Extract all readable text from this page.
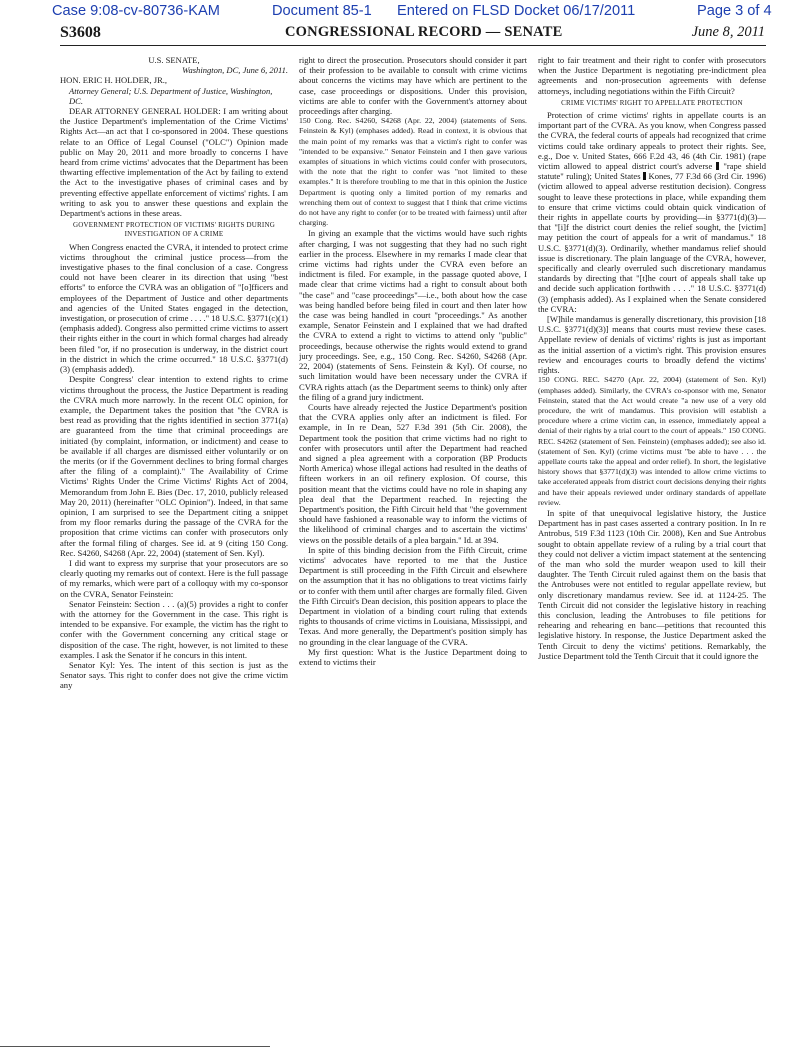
Case 9:08-cv-80736-KAM	Document 85-1 Entered on FLSD Docket 06/17/2011	Page 3 of 4
S3608	CONGRESSIONAL RECORD — SENATE	June 8, 2011

U.S. SENATE,

Washington, DC, June 6, 2011.

HON. ERIC H. HOLDER, JR.,

Attorney General; U.S. Department of Justice, Washington, DC.

DEAR ATTORNEY GENERAL HOLDER: I am writing about the Justice Department's implementation of the Crime Victims' Rights Act—an act that I co-sponsored in 2004. These questions relate to an Office of Legal Counsel ("OLC") Opinion made public on May 20, 2011 and more broadly to concerns I have heard from crime victims' advocates that the Department has been thwarting effective implementation of the Act by failing to extend the Act to the investigative phases of criminal cases and by preventing effective appellate enforcement of victims' rights. I am writing to ask you to answer these questions and explain the Department's actions in these areas.

GOVERNMENT PROTECTION OF VICTIMS' RIGHTS DURING INVESTIGATION OF A CRIME

When Congress enacted the CVRA, it intended to protect crime victims throughout the criminal justice process—from the investigative phases to the final conclusion of a case. Congress could not have been clearer in its direction that using "best efforts" to enforce the CVRA was an obligation of "[o]fficers and employees of the Department of Justice and other departments and agencies of the United States engaged in the detection, investigation, or prosecution of crime . . . ." 18 U.S.C. §3771(c)(1) (emphasis added). Congress also permitted crime victims to assert their rights either in the court in which formal charges had already been filed "or, if no prosecution is underway, in the district court in the district in which the crime occurred." 18 U.S.C. §3771(d)(3) (emphasis added).

Despite Congress' clear intention to extend rights to crime victims throughout the process, the Justice Department is reading the CVRA much more narrowly. In the recent OLC opinion, for example, the Department takes the position that "the CVRA is best read as providing that the rights identified in section 3771(a) are guaranteed from the time that criminal proceedings are initiated (by complaint, information, or indictment) and cease to be available if all charges are dismissed either voluntarily or on the merits (or if the Government declines to bring formal charges after the filing of a complaint)." The Availability of Crime Victims' Rights Under the Crime Victims' Rights Act of 2004, Memorandum from John E. Bies (Dec. 17, 2010, publicly released May 20, 2011) (hereinafter "OLC Opinion"). Indeed, in that same opinion, I am surprised to see the Department citing a snippet from my floor remarks during the passage of the CVRA for the proposition that crime victims can confer with prosecutors only after the formal filing of charges. See id. at 9 (citing 150 Cong. Rec. S4260, S4268 (Apr. 22, 2004) (statement of Sen. Kyl).

I did want to express my surprise that your prosecutors are so clearly quoting my remarks out of context. Here is the full passage of my remarks, which were part of a colloquy with my co-sponsor on the CVRA, Senator Feinstein:

Senator Feinstein: Section . . . (a)(5) provides a right to confer with the attorney for the Government in the case. This right is intended to be expansive. For example, the victim has the right to confer with the Government concerning any critical stage or disposition of the case. The right, however, is not limited to these examples. I ask the Senator if he concurs in this intent.

Senator Kyl: Yes. The intent of this section is just as the Senator says. This right to confer does not give the crime victim any

right to direct the prosecution. Prosecutors should consider it part of their profession to be available to consult with crime victims about concerns the victims may have which are pertinent to the case, case proceedings or dispositions. Under this provision, victims are able to confer with the Government's attorney about proceedings after charging.

150 Cong. Rec. S4260, S4268 (Apr. 22, 2004) (statements of Sens. Feinstein & Kyl) (emphases added). Read in context, it is obvious that the main point of my remarks was that a victim's right to confer was "intended to be expansive." Senator Feinstein and I then gave various examples of situations in which victims could confer with prosecutors, with the note that the right to confer was "not limited to these examples." It is therefore troubling to me that in this opinion the Justice Department is quoting only a limited portion of my remarks and wrenching them out of context to suggest that I think that crime victims do not have any right to confer (or to be treated with fairness) until after charging.

In giving an example that the victims would have such rights after charging, I was not suggesting that they had no such right earlier in the process. Elsewhere in my remarks I made clear that crime victims had rights under the CVRA even before an indictment is filed. For example, in the passage quoted above, I made clear that crime victims had a right to consult about both "the case" and "case proceedings"—i.e., both about how the case was being handled before being filed in court and then later how the case was being handled in court "proceedings." As another example, Senator Feinstein and I explained that we had drafted the CVRA to extend a right to victims to attend only "public" proceedings, because otherwise the rights would extend to grand jury proceedings. See, e.g., 150 Cong. Rec. S4260, S4268 (Apr. 22, 2004) (statements of Sens. Feinstein & Kyl). Of course, no such limitation would have been necessary under the CVRA if CVRA rights attach (as the Department seems to think) only after the filing of a grand jury indictment.

Courts have already rejected the Justice Department's position that the CVRA applies only after an indictment is filed. For example, in In re Dean, 527 F.3d 391 (5th Cir. 2008), the Department took the position that crime victims had no right to confer with prosecutors until after the Department had reached and signed a plea agreement with a corporation (BP Products North America) whose illegal actions had resulted in the deaths of fifteen workers in an oil refinery explosion. Of course, this position meant that the victims could have no role in shaping any plea deal that the Department reached. In rejecting the Department's position, the Fifth Circuit held that "the government should have fashioned a reasonable way to inform the victims of the likelihood of criminal charges and to ascertain the victims' views on the possible details of a plea bargain." Id. at 394.

In spite of this binding decision from the Fifth Circuit, crime victims' advocates have reported to me that the Justice Department is still proceeding in the Fifth Circuit and elsewhere on the assumption that it has no obligations to treat victims fairly or to confer with them until after charges are formally filed. Given the Fifth Circuit's Dean decision, this position appears to place the Department in violation of a binding court ruling that extends rights to thousands of crime victims in Louisiana, Mississippi, and Texas. And more generally, the Department's position simply has no grounding in the clear language of the CVRA.

My first question: What is the Justice Department doing to extend to victims their

right to fair treatment and their right to confer with prosecutors when the Justice Department is negotiating pre-indictment plea agreements and non-prosecution agreements with defense attorneys, including negotiations within the Fifth Circuit?

CRIME VICTIMS' RIGHT TO APPELLATE PROTECTION

Protection of crime victims' rights in appellate courts is an important part of the CVRA. As you know, when Congress passed the CVRA, the federal courts of appeals had recognized that crime victims could take ordinary appeals to protect their rights. See, e.g., Doe v. United States, 666 F.2d 43, 46 (4th Cir. 1981) (rape victim allowed to appeal district court's adverse "rape shield statute" ruling); United States Kones, 77 F.3d 66 (3rd Cir. 1996) (victim allowed to appeal adverse restitution decision). Congress sought to leave these protections in place, while expanding them to ensure that crime victims could obtain quick vindication of their rights in appellate courts by providing—in §3771(d)(3)—that "[i]f the district court denies the relief sought, the [victim] may petition the court of appeals for a writ of mandamus." 18 U.S.C. §3771(d)(3). Ordinarily, whether mandamus relief should issue is discretionary. The plain language of the CVRA, however, specifically and clearly overruled such discretionary mandamus standards by directing that "[t]he court of appeals shall take up and decide such application forthwith . . . ." 18 U.S.C. §3771(d)(3) (emphasis added). As I explained when the Senate considered the CVRA:

[W]hile mandamus is generally discretionary, this provision [18 U.S.C. §3771(d)(3)] means that courts must review these cases. Appellate review of denials of victims' rights is just as important as the initial assertion of a victim's right. This provision ensures review and encourages courts to broadly defend the victims' rights.

150 CONG. REC. S4270 (Apr. 22, 2004) (statement of Sen. Kyl) (emphases added). Similarly, the CVRA's co-sponsor with me, Senator Feinstein, stated that the Act would create "a new use of a very old procedure, the writ of mandamus. This provision will establish a procedure where a crime victim can, in essence, immediately appeal a denial of their rights by a trial court to the court of appeals." 150 CONG. REC. S4262 (statement of Sen. Feinstein) (emphases added); see also id. (statement of Sen. Kyl) (crime victims must "be able to have . . . the appellate courts take the appeal and order relief). In short, the legislative history shows that §3771(d)(3) was intended to allow crime victims to take accelerated appeals from district court decisions denying their rights and have their appeals reviewed under ordinary standards of appellate review.

In spite of that unequivocal legislative history, the Justice Department has in past cases asserted a contrary position. In In re Antrobus, 519 F.3d 1123 (10th Cir. 2008), Ken and Sue Antrobus sought to obtain appellate review of a ruling by a trial court that they could not deliver a victim impact statement at the sentencing of the man who sold the murder weapon used to kill their daughter. The Tenth Circuit ruled against them on the basis that the Antrobuses were not entitled to regular appellate review, but only discretionary mandamus review. See id. at 1124-25. The Tenth Circuit did not consider the legislative history in reaching this conclusion, leading the Antrobuses to file petitions for rehearing and rehearing en banc—petitions that recounted this legislative history. In response, the Justice Department asked the Tenth Circuit to deny the victims' petitions. Remarkably, the Justice Department told the Tenth Circuit that it could ignore the
